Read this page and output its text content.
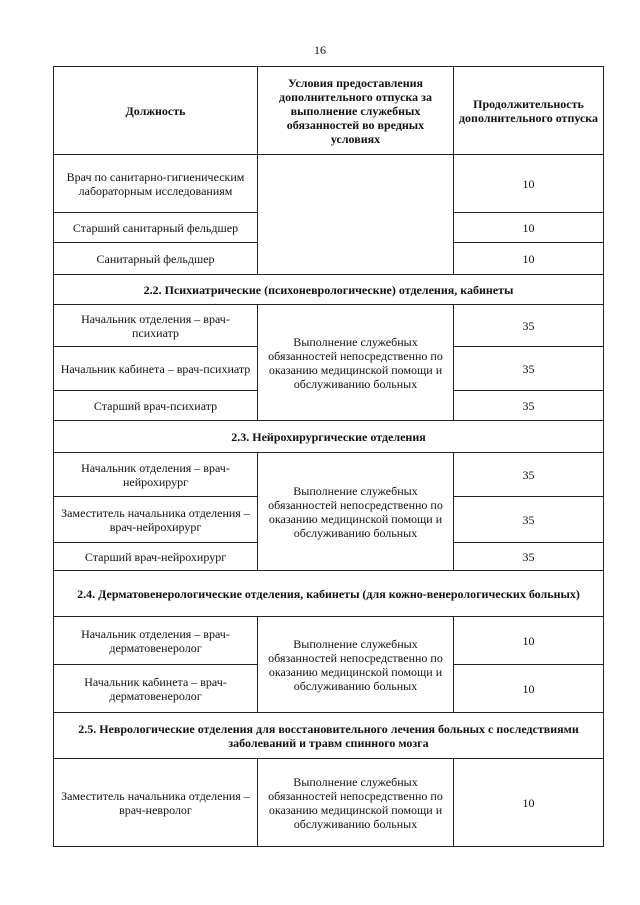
16
Должность	Условия предоставления дополнительного отпуска за выполнение служебных обязанностей во вредных условиях	Продолжительность дополнительного отпуска
Врач по санитарно-гигиеническим лабораторным исследованиям		10
Старший санитарный фельдшер		10
Санитарный фельдшер		10
2.2. Психиатрические (психоневрологические) отделения, кабинеты		
Начальник отделения – врач-психиатр	Выполнение служебных обязанностей непосредственно по оказанию медицинской помощи и обслуживанию больных	35
Начальник кабинета – врач-психиатр		35
Старший врач-психиатр		35
2.3. Нейрохирургические отделения		
Начальник отделения – врач-нейрохирург	Выполнение служебных обязанностей непосредственно по оказанию медицинской помощи и обслуживанию больных	35
Заместитель начальника отделения – врач-нейрохирург		35
Старший врач-нейрохирург		35
2.4. Дерматовенерологические отделения, кабинеты (для кожно-венерологических больных)		
Начальник отделения – врач-дерматовенеролог	Выполнение служебных обязанностей непосредственно по оказанию медицинской помощи и обслуживанию больных	10
Начальник кабинета – врач-дерматовенеролог		10
2.5. Неврологические отделения для восстановительного лечения больных с последствиями заболеваний и травм спинного мозга		
Заместитель начальника отделения – врач-невролог	Выполнение служебных обязанностей непосредственно по оказанию медицинской помощи и обслуживанию больных	10
